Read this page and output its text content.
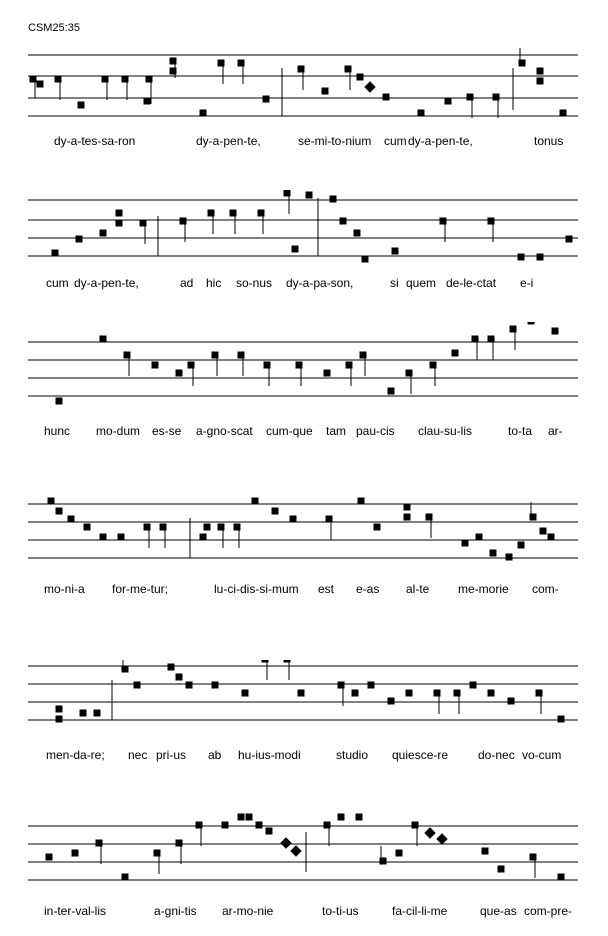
CSM25:35
dy-a-tes-sa-ron	dy-a-pen-te,	se-mi-to-nium cum dy-a-pen-te,	tonus
cum dy-a-pen-te,	ad hic so-nus dy-a-pa-son,	si quem de-le-ctat e-i
hunc mo-dum es-se a-gno-scat cum-que tam pau-cis clau-su-lis	to-ta ar-
mo-ni-a for-me-tur;	lu-ci-dis-si-mum est e-as al-te me-morie com-
men-da-re; nec pri-us ab hu-ius-modi	studio quiesce-re do-nec vo-cum
in-ter-val-lis	a-gni-tis ar-mo-nie	to-ti-us	fa-cil-li-me	que-as com-pre-
